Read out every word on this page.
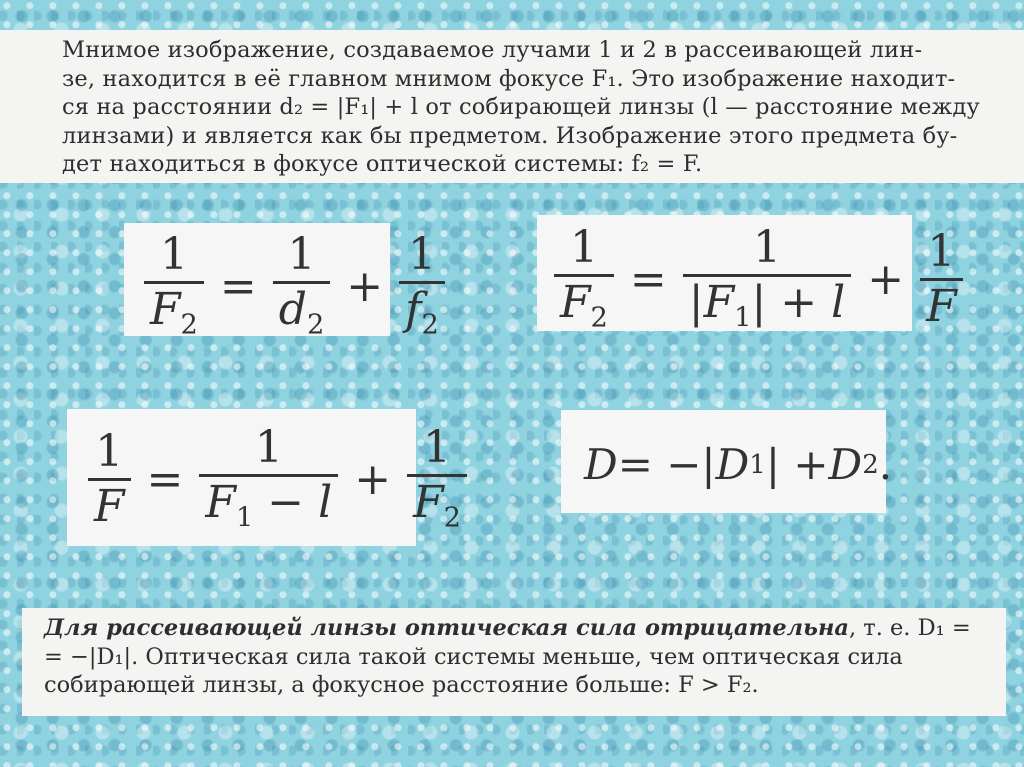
Мнимое изображение, создаваемое лучами 1 и 2 в рассеивающей лин-
зе, находится в её главном мнимом фокусе F₁. Это изображение находит-
ся на расстоянии d₂ = |F₁| + l от собирающей линзы (l — расстояние между
линзами) и является как бы предметом. Изображение этого предмета бу-
дет находиться в фокусе оптической системы: f₂ = F.
$\frac{1}{F_2} = \frac{1}{d_2} + \frac{1}{f_2} \frac{1}{F_2} = \frac{1}{|F_1| + l} + \frac{1}{F}$
$\frac{1}{F} = \frac{1}{F_1 - l} + \frac{1}{F_2}$	D = −| D 1 | + D 2 .
Для рассеивающей линзы оптическая сила отрицательна, т. е. D₁ =
= −|D₁|. Оптическая сила такой системы меньше, чем оптическая сила
собирающей линзы, а фокусное расстояние больше: F > F₂.
